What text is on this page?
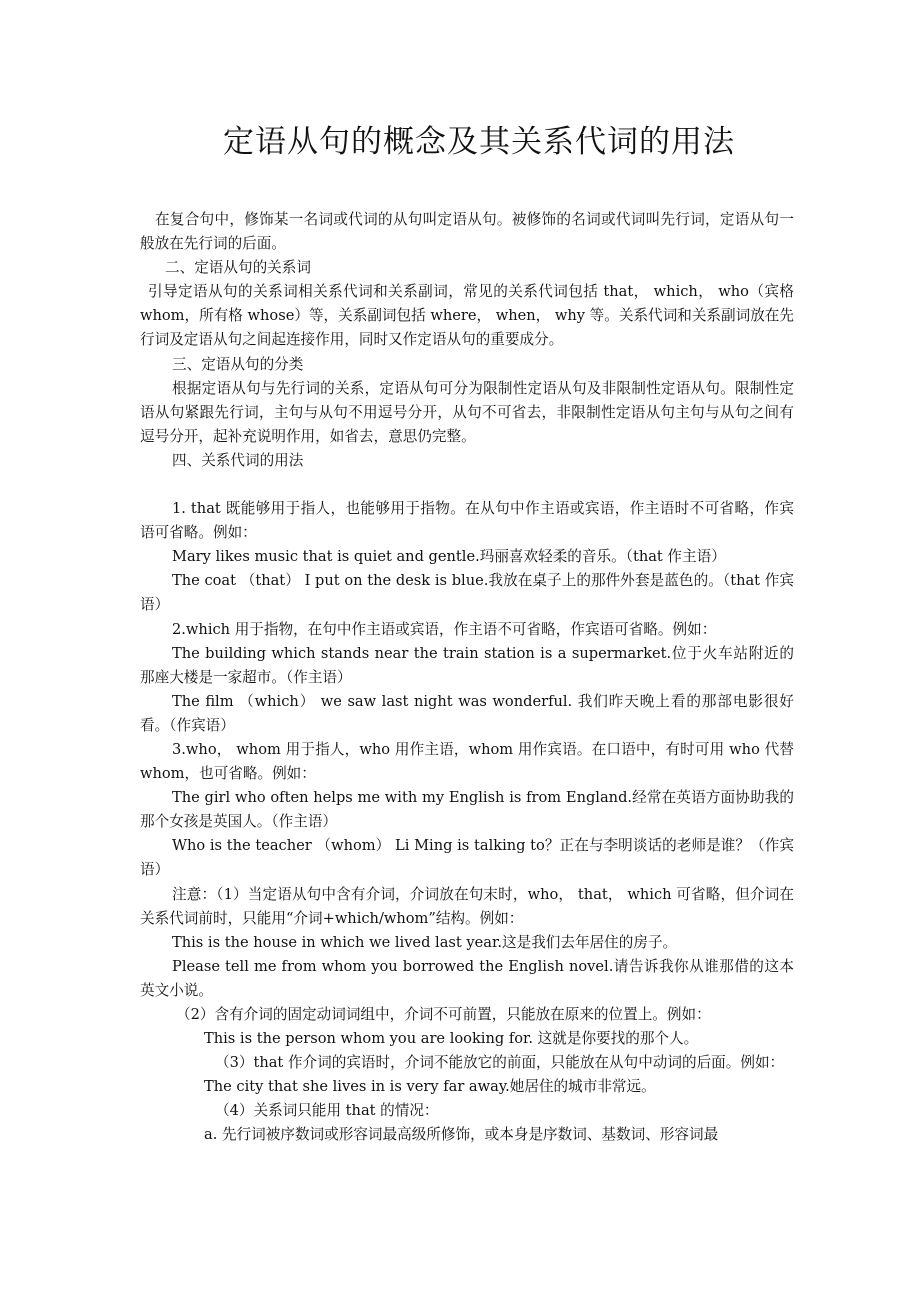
定语从句的概念及其关系代词的用法

在复合句中，修饰某一名词或代词的从句叫定语从句。被修饰的名词或代词叫先行词，定语从句一般放在先行词的后面。

二、定语从句的关系词

引导定语从句的关系词相关系代词和关系副词，常见的关系代词包括 that， which， who（宾格 whom，所有格 whose）等，关系副词包括 where， when， why 等。关系代词和关系副词放在先行词及定语从句之间起连接作用，同时又作定语从句的重要成分。

三、定语从句的分类

根据定语从句与先行词的关系，定语从句可分为限制性定语从句及非限制性定语从句。限制性定语从句紧跟先行词，主句与从句不用逗号分开，从句不可省去，非限制性定语从句主句与从句之间有逗号分开，起补充说明作用，如省去，意思仍完整。

四、关系代词的用法

1. that 既能够用于指人，也能够用于指物。在从句中作主语或宾语，作主语时不可省略，作宾语可省略。例如：

Mary likes music that is quiet and gentle.玛丽喜欢轻柔的音乐。（that 作主语）

The coat （that） I put on the desk is blue.我放在桌子上的那件外套是蓝色的。（that 作宾语）

2.which 用于指物，在句中作主语或宾语，作主语不可省略，作宾语可省略。例如：

The building which stands near the train station is a supermarket.位于火车站附近的那座大楼是一家超市。（作主语）

The film （which） we saw last night was wonderful. 我们昨天晚上看的那部电影很好看。（作宾语）

3.who， whom 用于指人，who 用作主语，whom 用作宾语。在口语中，有时可用 who 代替 whom，也可省略。例如：

The girl who often helps me with my English is from England.经常在英语方面协助我的那个女孩是英国人。（作主语）

Who is the teacher （whom） Li Ming is talking to？正在与李明谈话的老师是谁？（作宾语）

注意：（1）当定语从句中含有介词，介词放在句末时，who， that， which 可省略，但介词在关系代词前时，只能用“介词+which/whom”结构。例如：

This is the house in which we lived last year.这是我们去年居住的房子。

Please tell me from whom you borrowed the English novel.请告诉我你从谁那借的这本英文小说。

（2）含有介词的固定动词词组中，介词不可前置，只能放在原来的位置上。例如：

This is the person whom you are looking for. 这就是你要找的那个人。

（3）that 作介词的宾语时，介词不能放它的前面，只能放在从句中动词的后面。例如：

The city that she lives in is very far away.她居住的城市非常远。

（4）关系词只能用 that 的情况：

a. 先行词被序数词或形容词最高级所修饰，或本身是序数词、基数词、形容词最
